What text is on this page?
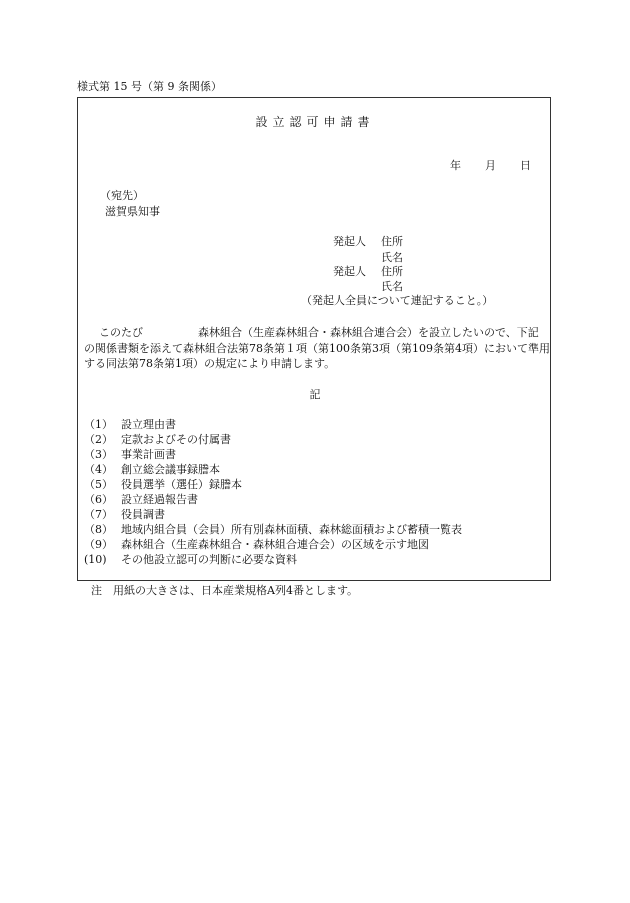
様式第 15 号（第 9 条関係）
設立認可申請書
年 月 日
（宛先）
滋賀県知事
発起人 住所
氏名
発起人 住所
氏名
（発起人全員について連記すること。）
このたび　　　　　森林組合（生産森林組合・森林組合連合会）を設立したいので、下記
の関係書類を添えて森林組合法第78条第１項（第100条第3項（第109条第4項）において準用
する同法第78条第1項）の規定により申請します。
記
（1） 設立理由書
（2） 定款およびその付属書
（3） 事業計画書
（4） 創立総会議事録謄本
（5） 役員選挙（選任）録謄本
（6） 設立経過報告書
（7） 役員調書
（8） 地域内組合員（会員）所有別森林面積、森林総面積および蓄積一覧表
（9） 森林組合（生産森林組合・森林組合連合会）の区域を示す地図
(10) その他設立認可の判断に必要な資料
注　用紙の大きさは、日本産業規格A列4番とします。
